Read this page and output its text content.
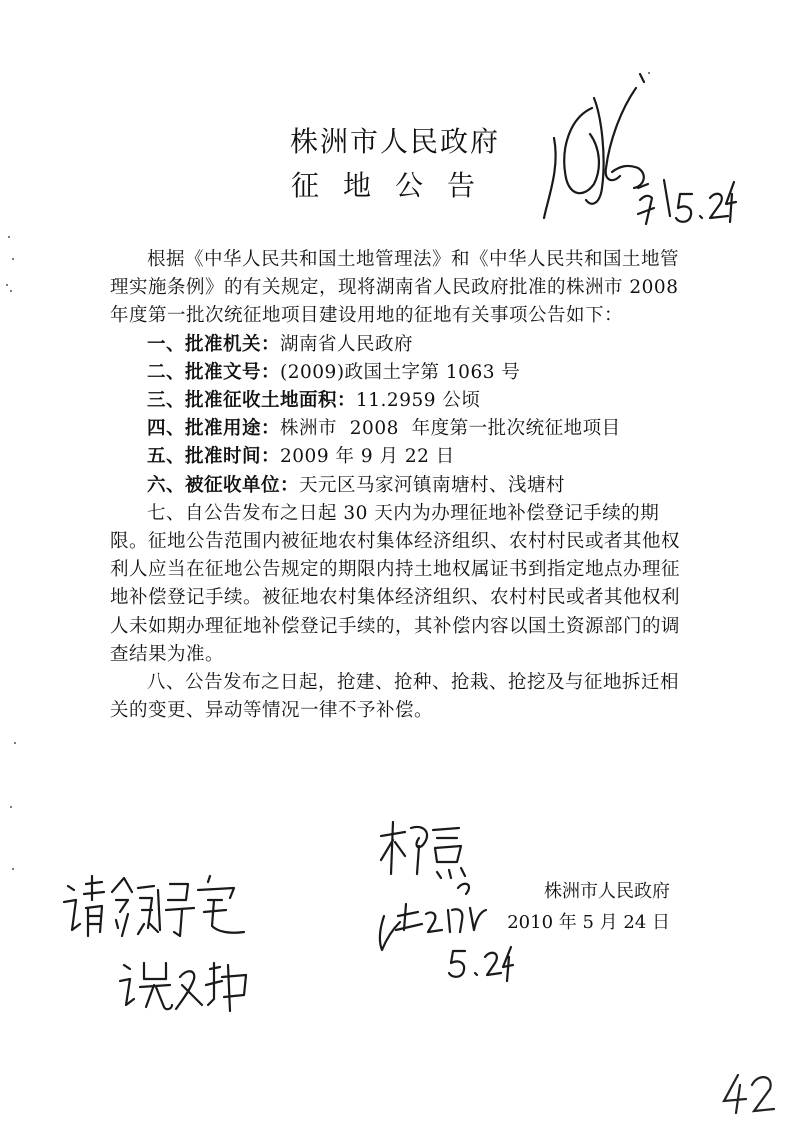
株洲市人民政府
征地公告

根据《中华人民共和国土地管理法》和《中华人民共和国土地管理实施条例》的有关规定，现将湖南省人民政府批准的株洲市 2008 年度第一批次统征地项目建设用地的征地有关事项公告如下：

一、批准机关：湖南省人民政府

二、批准文号：(2009)政国土字第 1063 号

三、批准征收土地面积：11.2959 公顷

四、批准用途：株洲市  2008  年度第一批次统征地项目

五、批准时间：2009 年 9 月 22 日

六、被征收单位：天元区马家河镇南塘村、浅塘村

七、自公告发布之日起 30 天内为办理征地补偿登记手续的期限。征地公告范围内被征地农村集体经济组织、农村村民或者其他权利人应当在征地公告规定的期限内持土地权属证书到指定地点办理征地补偿登记手续。被征地农村集体经济组织、农村村民或者其他权利人未如期办理征地补偿登记手续的，其补偿内容以国土资源部门的调查结果为准。

八、公告发布之日起，抢建、抢种、抢栽、抢挖及与征地拆迁相关的变更、异动等情况一律不予补偿。

株洲市人民政府
2010 年 5 月 24 日
